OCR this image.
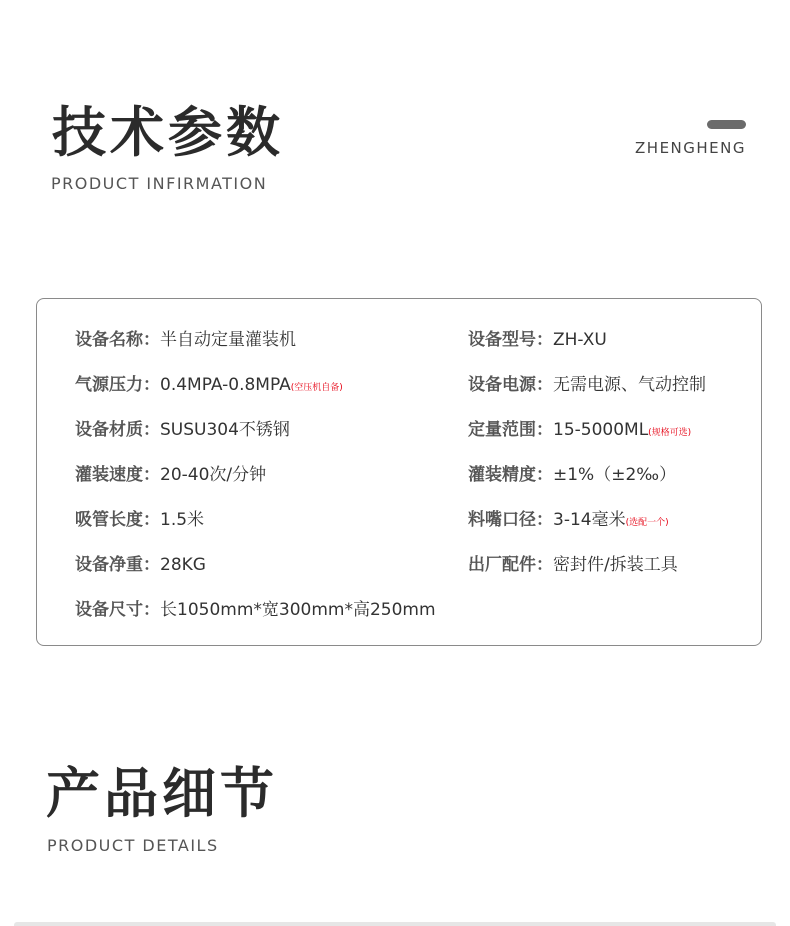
技术参数

PRODUCT INFIRMATION

ZHENGHENG
设备名称：半自动定量灌装机	设备型号：ZH-XU
气源压力：0.4MPA-0.8MPA(空压机自备)	设备电源：无需电源、气动控制
设备材质：SUSU304不锈钢	定量范围：15-5000ML(规格可选)
灌装速度：20-40次/分钟	灌装精度：±1%（±2‰）
吸管长度：1.5米	料嘴口径：3-14毫米(选配一个)
设备净重：28KG	出厂配件：密封件/拆装工具
设备尺寸：长1050mm*宽300mm*高250mm
产品细节

PRODUCT DETAILS
